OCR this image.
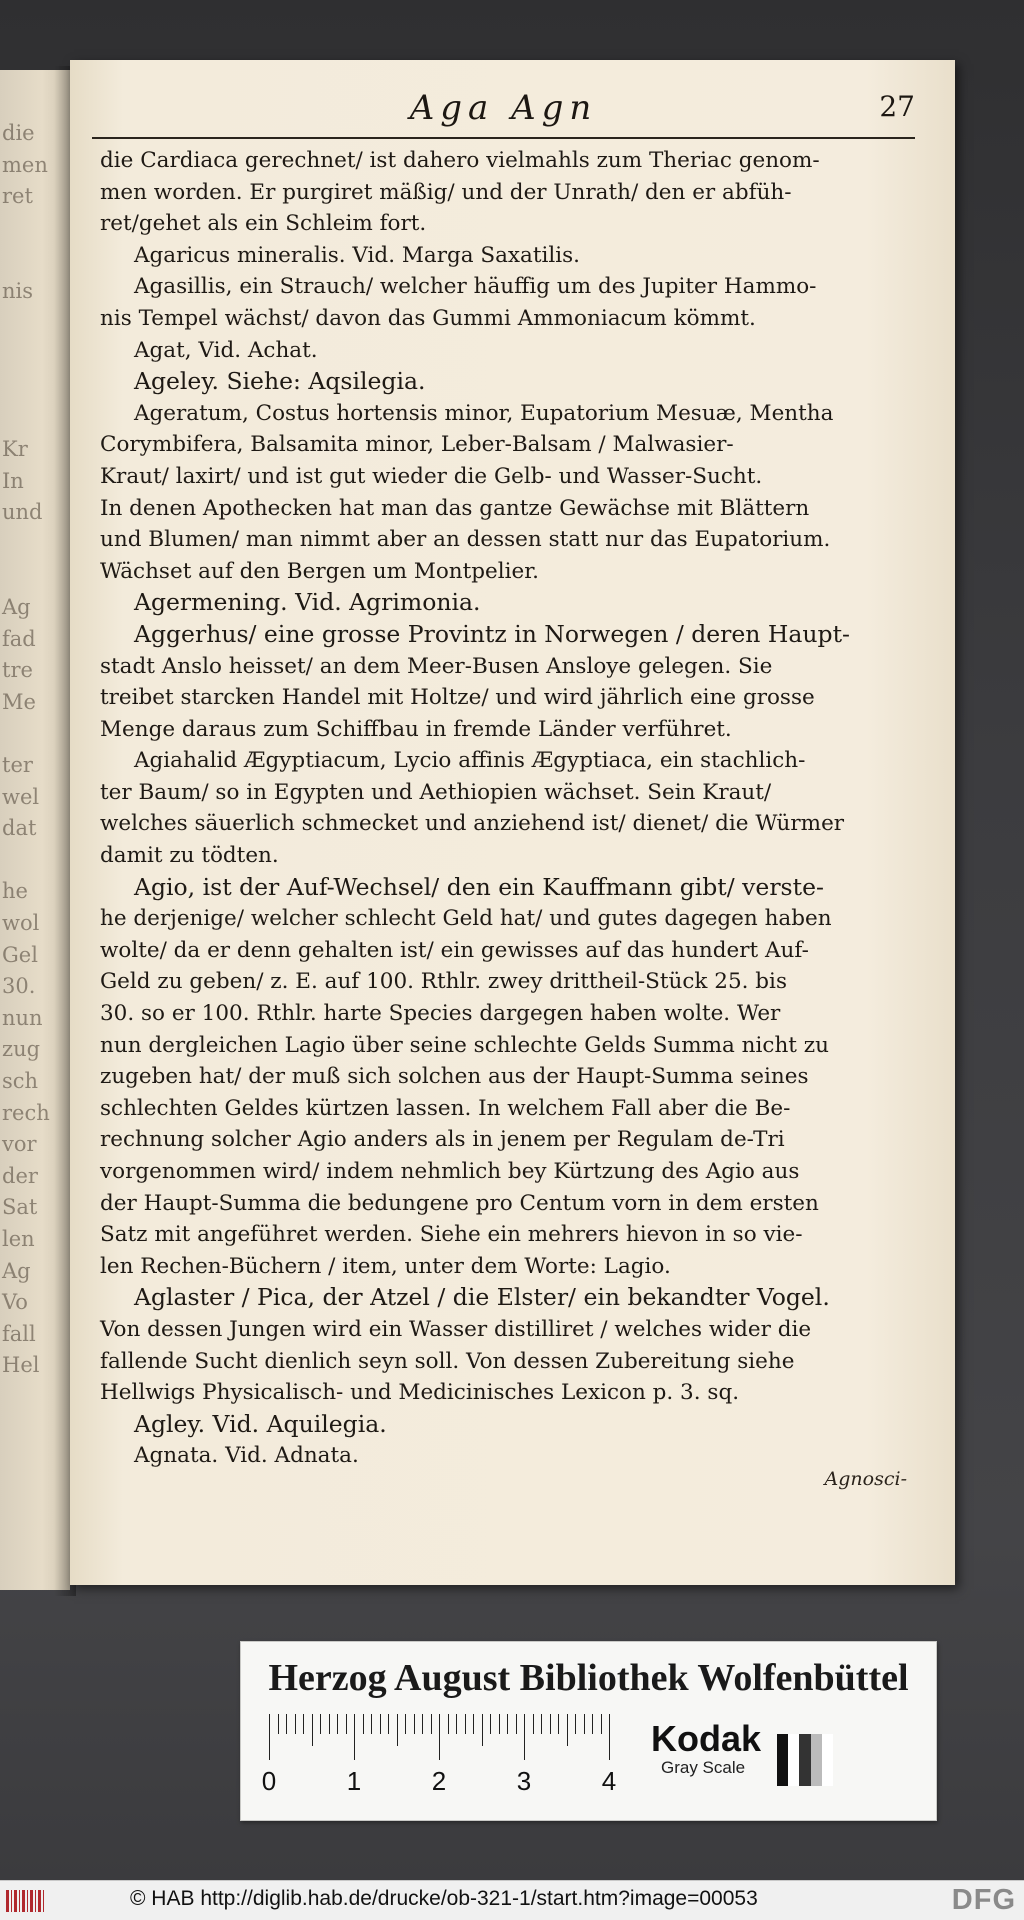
die
men
ret
nis
Kr
In
und
Ag
fad
tre
Me
ter
wel
dat
he
wol
Gel
30.
nun
zug
sch
rech
vor
der
Sat
len
Ag
Vo
fall
Hel
Aga Agn	27
die Cardiaca gerechnet/ ist dahero vielmahls zum Theriac genom-
men worden. Er purgiret mäßig/ und der Unrath/ den er abfüh-
ret/gehet als ein Schleim fort.
Agaricus mineralis. Vid. Marga Saxatilis.
Agasillis, ein Strauch/ welcher häuffig um des Jupiter Hammo-
nis Tempel wächst/ davon das Gummi Ammoniacum kömmt.
Agat, Vid. Achat.
Ageley. Siehe: Aqsilegia.
Ageratum, Costus hortensis minor, Eupatorium Mesuæ, Mentha
Corymbifera, Balsamita minor, Leber-Balsam / Malwasier-
Kraut/ laxirt/ und ist gut wieder die Gelb- und Wasser-Sucht.
In denen Apothecken hat man das gantze Gewächse mit Blättern
und Blumen/ man nimmt aber an dessen statt nur das Eupatorium.
Wächset auf den Bergen um Montpelier.
Agermening. Vid. Agrimonia.
Aggerhus/ eine grosse Provintz in Norwegen / deren Haupt-
stadt Anslo heisset/ an dem Meer-Busen Ansloye gelegen. Sie
treibet starcken Handel mit Holtze/ und wird jährlich eine grosse
Menge daraus zum Schiffbau in fremde Länder verführet.
Agiahalid Ægyptiacum, Lycio affinis Ægyptiaca, ein stachlich-
ter Baum/ so in Egypten und Aethiopien wächset. Sein Kraut/
welches säuerlich schmecket und anziehend ist/ dienet/ die Würmer
damit zu tödten.
Agio, ist der Auf-Wechsel/ den ein Kauffmann gibt/ verste-
he derjenige/ welcher schlecht Geld hat/ und gutes dagegen haben
wolte/ da er denn gehalten ist/ ein gewisses auf das hundert Auf-
Geld zu geben/ z. E. auf 100. Rthlr. zwey drittheil-Stück 25. bis
30. so er 100. Rthlr. harte Species dargegen haben wolte. Wer
nun dergleichen Lagio über seine schlechte Gelds Summa nicht zu
zugeben hat/ der muß sich solchen aus der Haupt-Summa seines
schlechten Geldes kürtzen lassen. In welchem Fall aber die Be-
rechnung solcher Agio anders als in jenem per Regulam de-Tri
vorgenommen wird/ indem nehmlich bey Kürtzung des Agio aus
der Haupt-Summa die bedungene pro Centum vorn in dem ersten
Satz mit angeführet werden. Siehe ein mehrers hievon in so vie-
len Rechen-Büchern / item, unter dem Worte: Lagio.
Aglaster / Pica, der Atzel / die Elster/ ein bekandter Vogel.
Von dessen Jungen wird ein Wasser distilliret / welches wider die
fallende Sucht dienlich seyn soll. Von dessen Zubereitung siehe
Hellwigs Physicalisch- und Medicinisches Lexicon p. 3. sq.
Agley. Vid. Aquilegia.
Agnata. Vid. Adnata.
Agnosci-
Herzog August Bibliothek Wolfenbüttel
0	1	2	3	4
Kodak
Gray Scale
© HAB http://diglib.hab.de/drucke/ob-321-1/start.htm?image=00053	DFG
